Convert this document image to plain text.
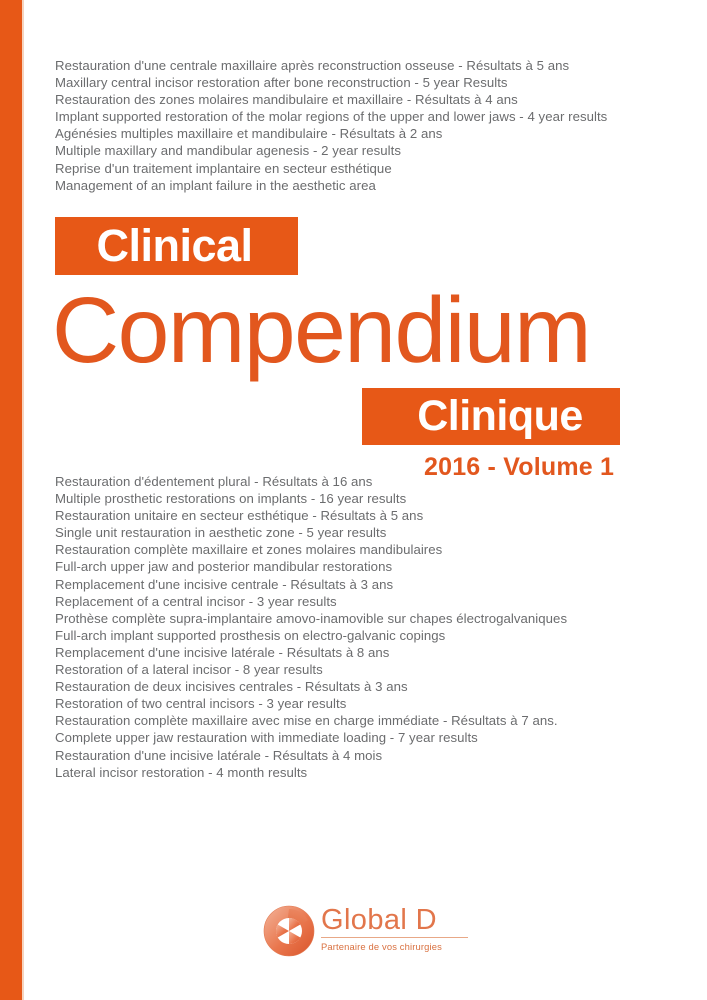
Restauration d'une centrale maxillaire après reconstruction osseuse - Résultats à 5 ans
Maxillary central incisor restoration after bone reconstruction - 5 year Results
Restauration des zones molaires mandibulaire et maxillaire - Résultats à 4 ans
Implant supported restoration of the molar regions of the upper and lower jaws - 4 year results
Agénésies multiples maxillaire et mandibulaire - Résultats à 2 ans
Multiple maxillary and mandibular agenesis - 2 year results
Reprise d'un traitement implantaire en secteur esthétique
Management of an implant failure in the aesthetic area
Clinical
2016 - Volume 1
Compendium
Clinique
Restauration d'édentement plural - Résultats à 16 ans
Multiple prosthetic restorations on implants - 16 year results
Restauration unitaire en secteur esthétique - Résultats à 5 ans
Single unit restauration in aesthetic zone - 5 year results
Restauration complète maxillaire et zones molaires mandibulaires
Full-arch upper jaw and posterior mandibular restorations
Remplacement d'une incisive centrale - Résultats à 3 ans
Replacement of a central incisor - 3 year results
Prothèse complète supra-implantaire amovo-inamovible sur chapes électrogalvaniques
Full-arch implant supported prosthesis on electro-galvanic copings
Remplacement d'une incisive latérale - Résultats à 8 ans
Restoration of a lateral incisor - 8 year results
Restauration de deux incisives centrales - Résultats à 3 ans
Restoration of two central incisors - 3 year results
Restauration complète maxillaire avec mise en charge immédiate - Résultats à 7 ans.
Complete upper jaw restauration with immediate loading - 7 year results
Restauration d'une incisive latérale - Résultats à 4 mois
Lateral incisor restoration - 4 month results
Global D
Partenaire de vos chirurgies
